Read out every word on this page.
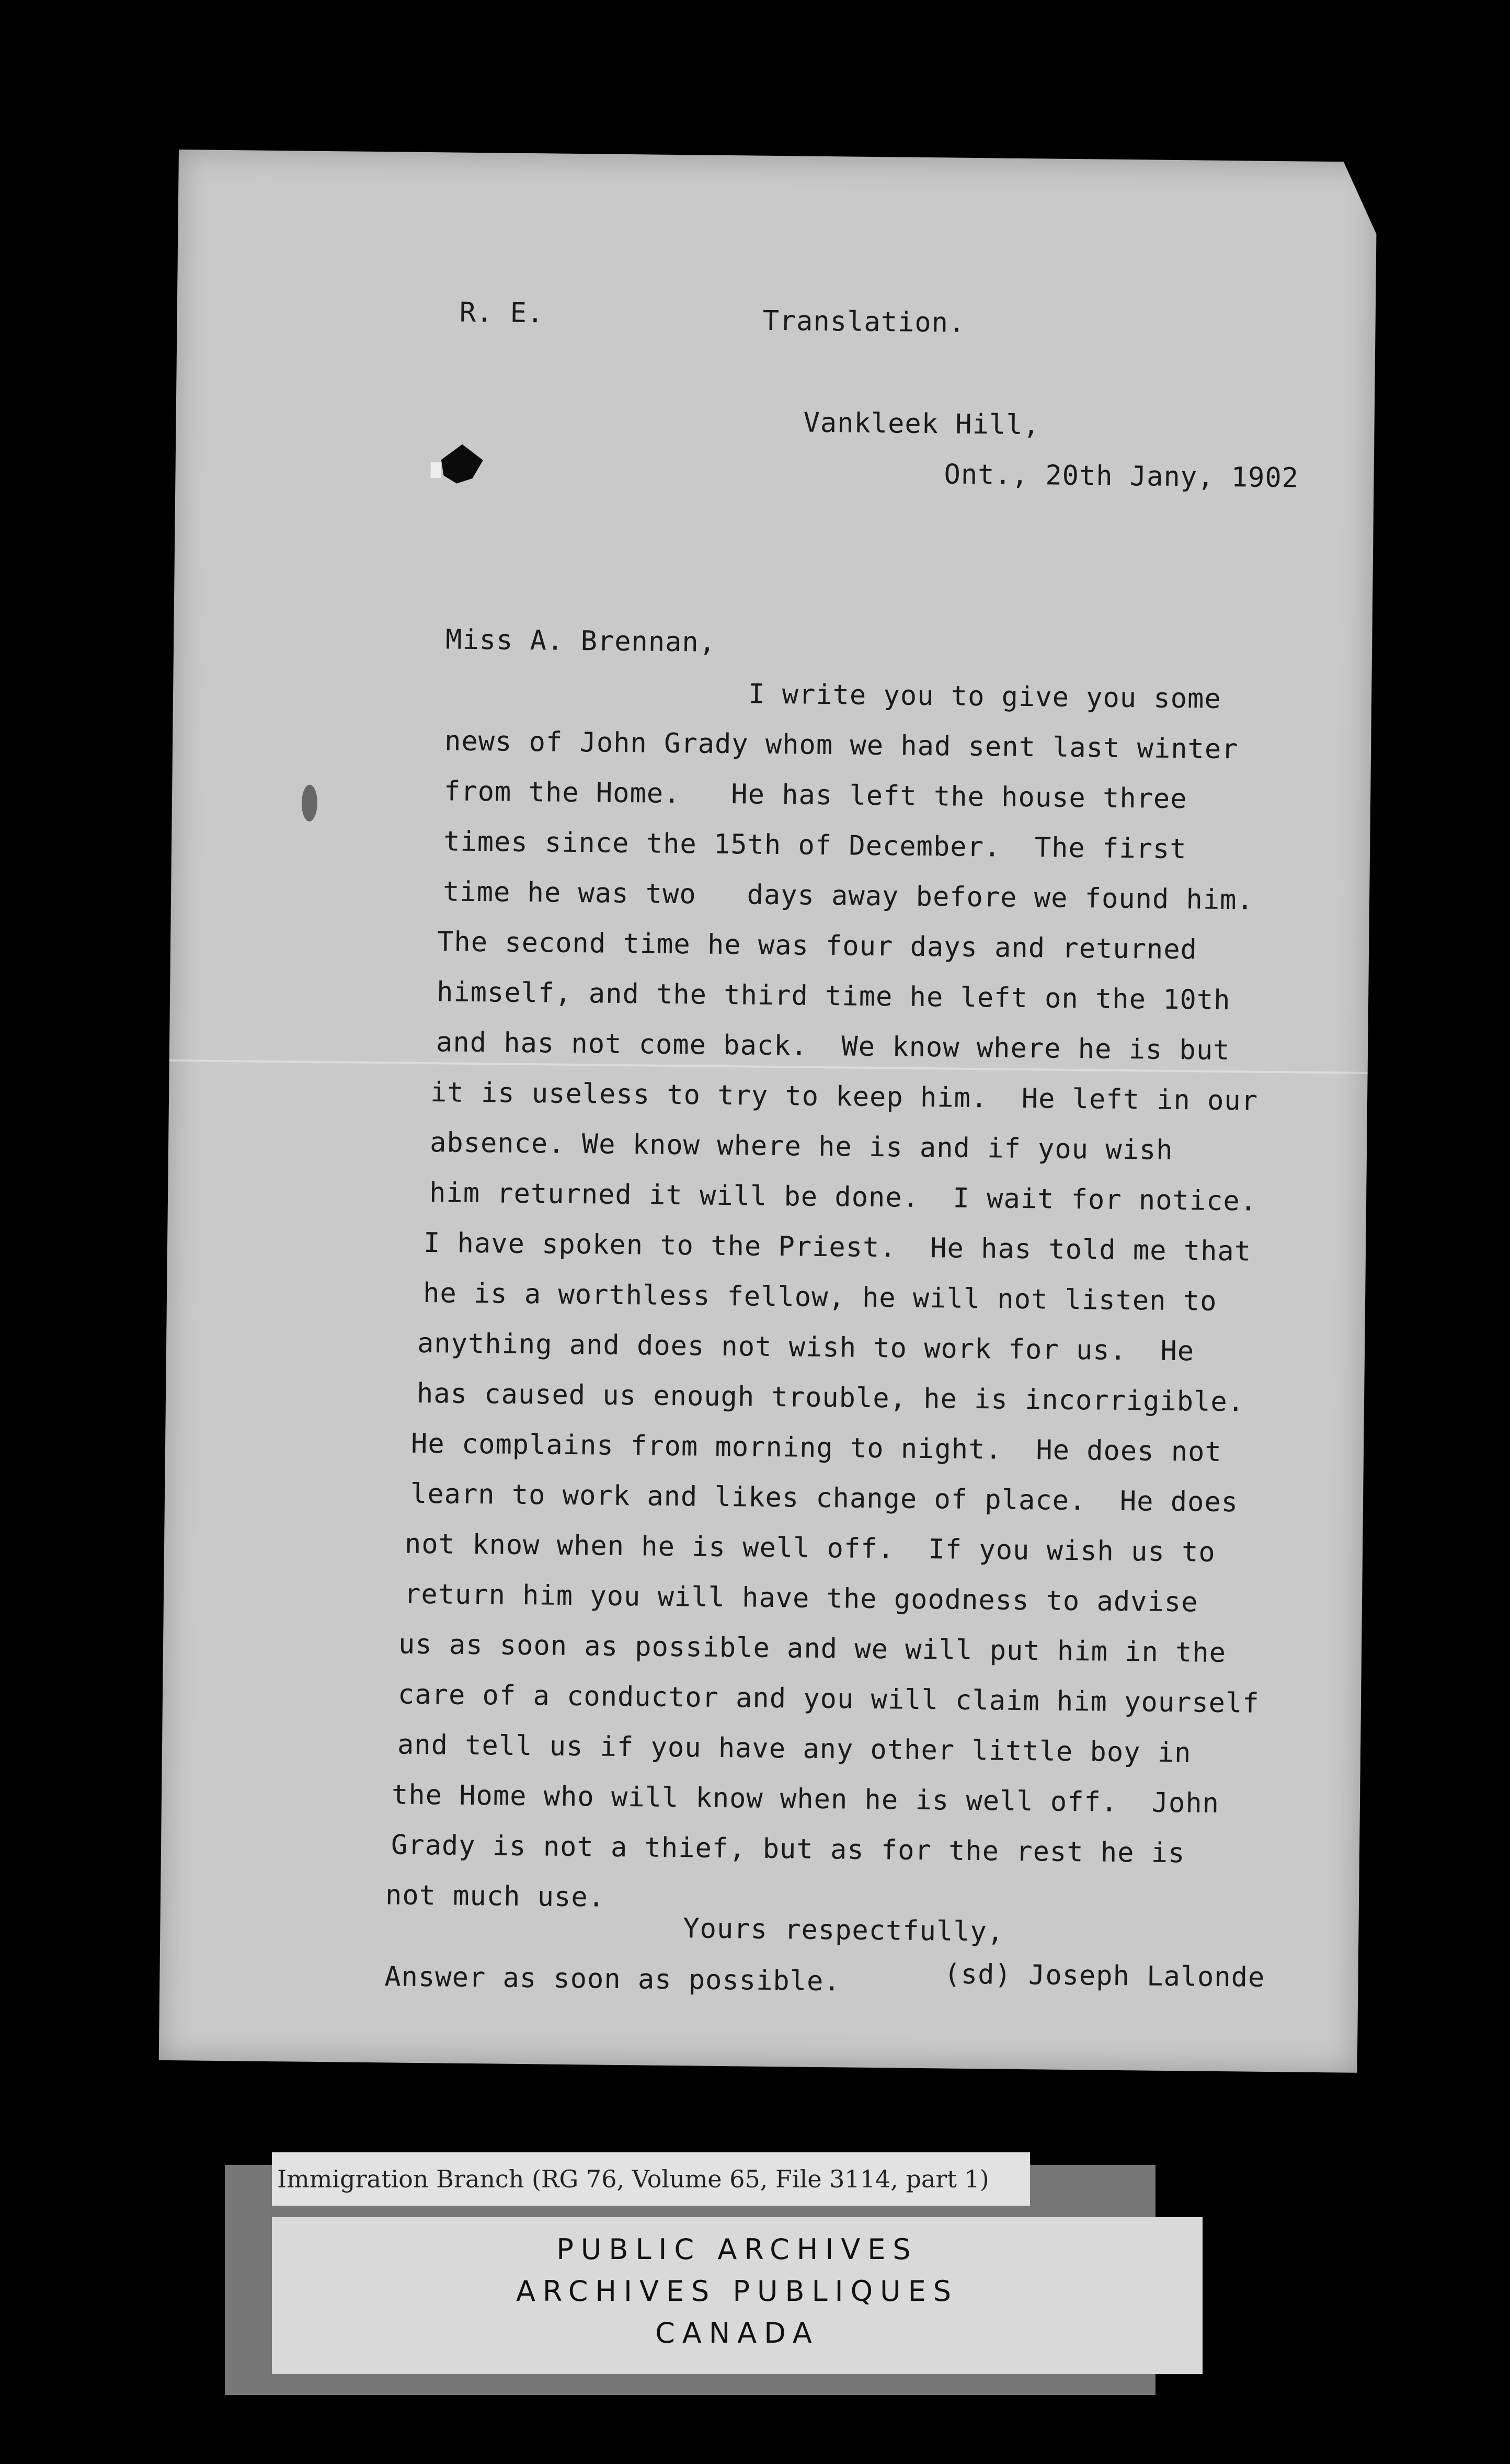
R. E.	Translation.
Vankleek Hill,
Ont., 20th Jany, 1902
Miss A. Brennan,
I write you to give you some
news of John Grady whom we had sent last winter
from the Home.   He has left the house three
times since the 15th of December.  The first
time he was two   days away before we found him.
The second time he was four days and returned
himself, and the third time he left on the 10th
and has not come back.  We know where he is but
it is useless to try to keep him.  He left in our
absence. We know where he is and if you wish
him returned it will be done.  I wait for notice.
I have spoken to the Priest.  He has told me that
he is a worthless fellow, he will not listen to
anything and does not wish to work for us.  He
has caused us enough trouble, he is incorrigible.
He complains from morning to night.  He does not
learn to work and likes change of place.  He does
not know when he is well off.  If you wish us to
return him you will have the goodness to advise
us as soon as possible and we will put him in the
care of a conductor and you will claim him yourself
and tell us if you have any other little boy in
the Home who will know when he is well off.  John
Grady is not a thief, but as for the rest he is
not much use.
Yours respectfully,
(sd) Joseph Lalonde
Answer as soon as possible.
Immigration Branch (RG 76, Volume 65, File 3114, part 1)
PUBLIC ARCHIVES
ARCHIVES PUBLIQUES
CANADA
